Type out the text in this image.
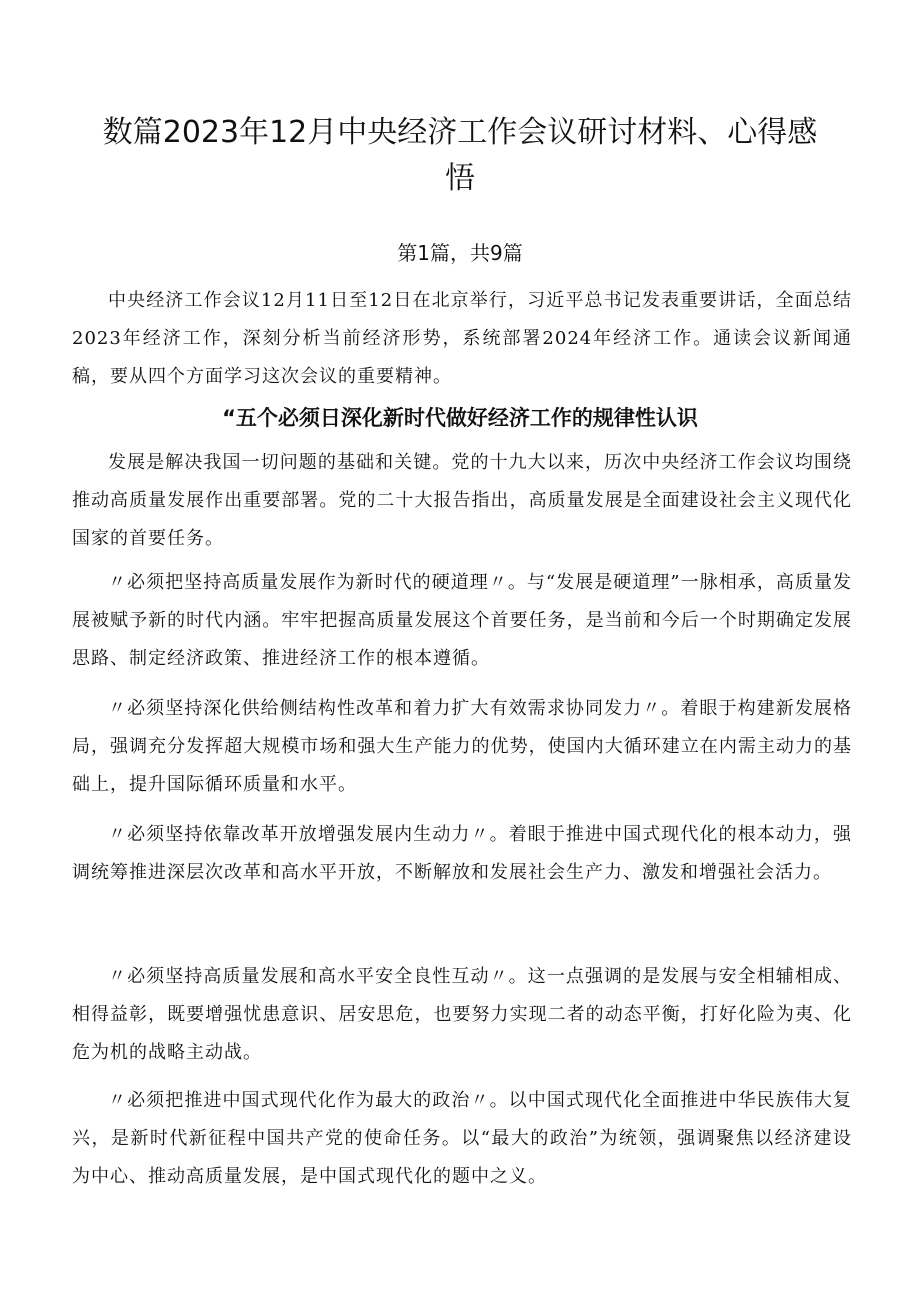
数篇2023年12月中央经济工作会议研讨材料、心得感悟
第1篇，共9篇

中央经济工作会议12月11日至12日在北京举行，习近平总书记发表重要讲话，全面总结2023年经济工作，深刻分析当前经济形势，系统部署2024年经济工作。通读会议新闻通稿，要从四个方面学习这次会议的重要精神。

“五个必须日深化新时代做好经济工作的规律性认识

发展是解决我国一切问题的基础和关键。党的十九大以来，历次中央经济工作会议均围绕推动高质量发展作出重要部署。党的二十大报告指出，高质量发展是全面建设社会主义现代化国家的首要任务。

〃必须把坚持高质量发展作为新时代的硬道理〃。与“发展是硬道理”一脉相承，高质量发展被赋予新的时代内涵。牢牢把握高质量发展这个首要任务，是当前和今后一个时期确定发展思路、制定经济政策、推进经济工作的根本遵循。

〃必须坚持深化供给侧结构性改革和着力扩大有效需求协同发力〃。着眼于构建新发展格局，强调充分发挥超大规模市场和强大生产能力的优势，使国内大循环建立在内需主动力的基础上，提升国际循环质量和水平。

〃必须坚持依靠改革开放增强发展内生动力〃。着眼于推进中国式现代化的根本动力，强调统筹推进深层次改革和高水平开放，不断解放和发展社会生产力、激发和增强社会活力。

〃必须坚持高质量发展和高水平安全良性互动〃。这一点强调的是发展与安全相辅相成、相得益彰，既要增强忧患意识、居安思危，也要努力实现二者的动态平衡，打好化险为夷、化危为机的战略主动战。

〃必须把推进中国式现代化作为最大的政治〃。以中国式现代化全面推进中华民族伟大复兴，是新时代新征程中国共产党的使命任务。以“最大的政治”为统领，强调聚焦以经济建设为中心、推动高质量发展，是中国式现代化的题中之义。
